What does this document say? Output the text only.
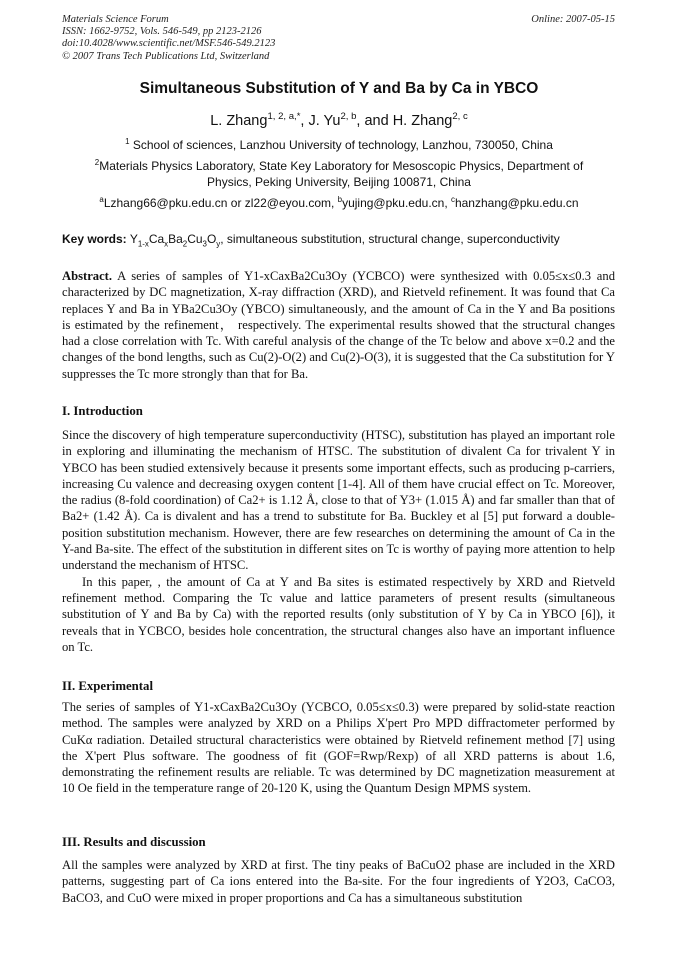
Materials Science Forum
ISSN: 1662-9752, Vols. 546-549, pp 2123-2126
doi:10.4028/www.scientific.net/MSF.546-549.2123
© 2007 Trans Tech Publications Ltd, Switzerland
Online: 2007-05-15
Simultaneous Substitution of Y and Ba by Ca in YBCO
L. Zhang$^{1, 2, a,*}$, J. Yu$^{2, b}$, and H. Zhang$^{2, c}$
$^1$ School of sciences, Lanzhou University of technology, Lanzhou, 730050, China
$^2$Materials Physics Laboratory, State Key Laboratory for Mesoscopic Physics, Department of Physics, Peking University, Beijing 100871, China
$^a$Lzhang66@pku.edu.cn or zl22@eyou.com, $^b$yujing@pku.edu.cn, $^c$hanzhang@pku.edu.cn
Key words: $Y_{1-x}Ca_xBa_2Cu_3O_y$, simultaneous substitution, structural change, superconductivity

Abstract. A series of samples of Y1-xCaxBa2Cu3Oy (YCBCO) were synthesized with 0.05≤x≤0.3 and characterized by DC magnetization, X-ray diffraction (XRD), and Rietveld refinement. It was found that Ca replaces Y and Ba in YBa2Cu3Oy (YBCO) simultaneously, and the amount of Ca in the Y and Ba positions is estimated by the refinement， respectively. The experimental results showed that the structural changes had a close correlation with Tc. With careful analysis of the change of the Tc below and above x=0.2 and the changes of the bond lengths, such as Cu(2)-O(2) and Cu(2)-O(3), it is suggested that the Ca substitution for Y suppresses the Tc more strongly than that for Ba.

I. Introduction

Since the discovery of high temperature superconductivity (HTSC), substitution has played an important role in exploring and illuminating the mechanism of HTSC. The substitution of divalent Ca for trivalent Y in YBCO has been studied extensively because it presents some important effects, such as producing p-carriers, increasing Cu valence and decreasing oxygen content [1-4]. All of them have crucial effect on Tc. Moreover, the radius (8-fold coordination) of Ca2+ is 1.12 Å, close to that of Y3+ (1.015 Å) and far smaller than that of Ba2+ (1.42 Å). Ca is divalent and has a trend to substitute for Ba. Buckley et al [5] put forward a double-position substitution mechanism. However, there are few researches on determining the amount of Ca in the Y-and Ba-site. The effect of the substitution in different sites on Tc is worthy of paying more attention to help understand the mechanism of HTSC.

In this paper, , the amount of Ca at Y and Ba sites is estimated respectively by XRD and Rietveld refinement method. Comparing the Tc value and lattice parameters of present results (simultaneous substitution of Y and Ba by Ca) with the reported results (only substitution of Y by Ca in YBCO [6]), it reveals that in YCBCO, besides hole concentration, the structural changes also have an important influence on Tc.

II. Experimental

The series of samples of Y1-xCaxBa2Cu3Oy (YCBCO, 0.05≤x≤0.3) were prepared by solid-state reaction method. The samples were analyzed by XRD on a Philips X'pert Pro MPD diffractometer performed by CuKα radiation. Detailed structural characteristics were obtained by Rietveld refinement method [7] using the X'pert Plus software. The goodness of fit (GOF=Rwp/Rexp) of all XRD patterns is about 1.6, demonstrating the refinement results are reliable. Tc was determined by DC magnetization measurement at 10 Oe field in the temperature range of 20-120 K, using the Quantum Design MPMS system.

III. Results and discussion

All the samples were analyzed by XRD at first. The tiny peaks of BaCuO2 phase are included in the XRD patterns, suggesting part of Ca ions entered into the Ba-site. For the four ingredients of Y2O3, CaCO3, BaCO3, and CuO were mixed in proper proportions and Ca has a simultaneous substitution
